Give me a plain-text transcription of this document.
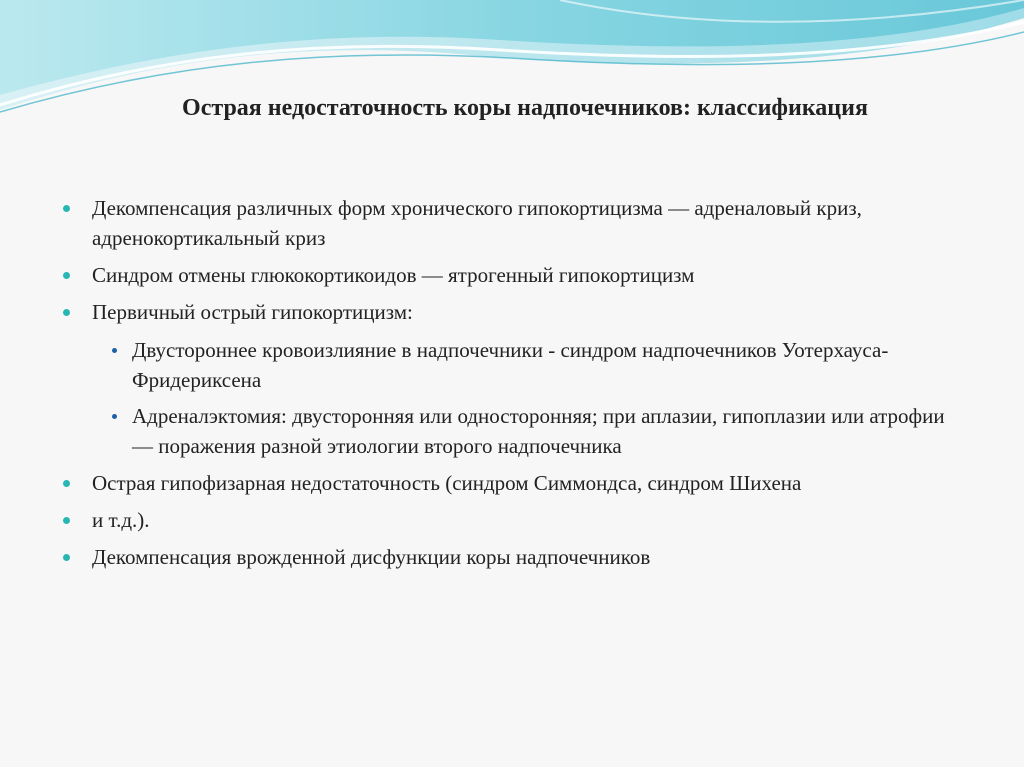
Острая недостаточность коры надпочечников: классификация
Декомпенсация различных форм хронического гипокортицизма — адреналовый криз, адренокортикальный криз
Синдром отмены глюкокортикоидов — ятрогенный гипокортицизм
Первичный острый гипокортицизм:
Двустороннее кровоизлияние в надпочечники - синдром надпочечников Уотерхауса-Фридериксена
Адреналэктомия: двусторонняя или односторонняя; при аплазии, гипоплазии или атрофии — поражения разной этиологии второго надпочечника
Острая гипофизарная недостаточность (синдром Симмондса, синдром Шихена
и т.д.).
Декомпенсация врожденной дисфункции коры надпочечников
